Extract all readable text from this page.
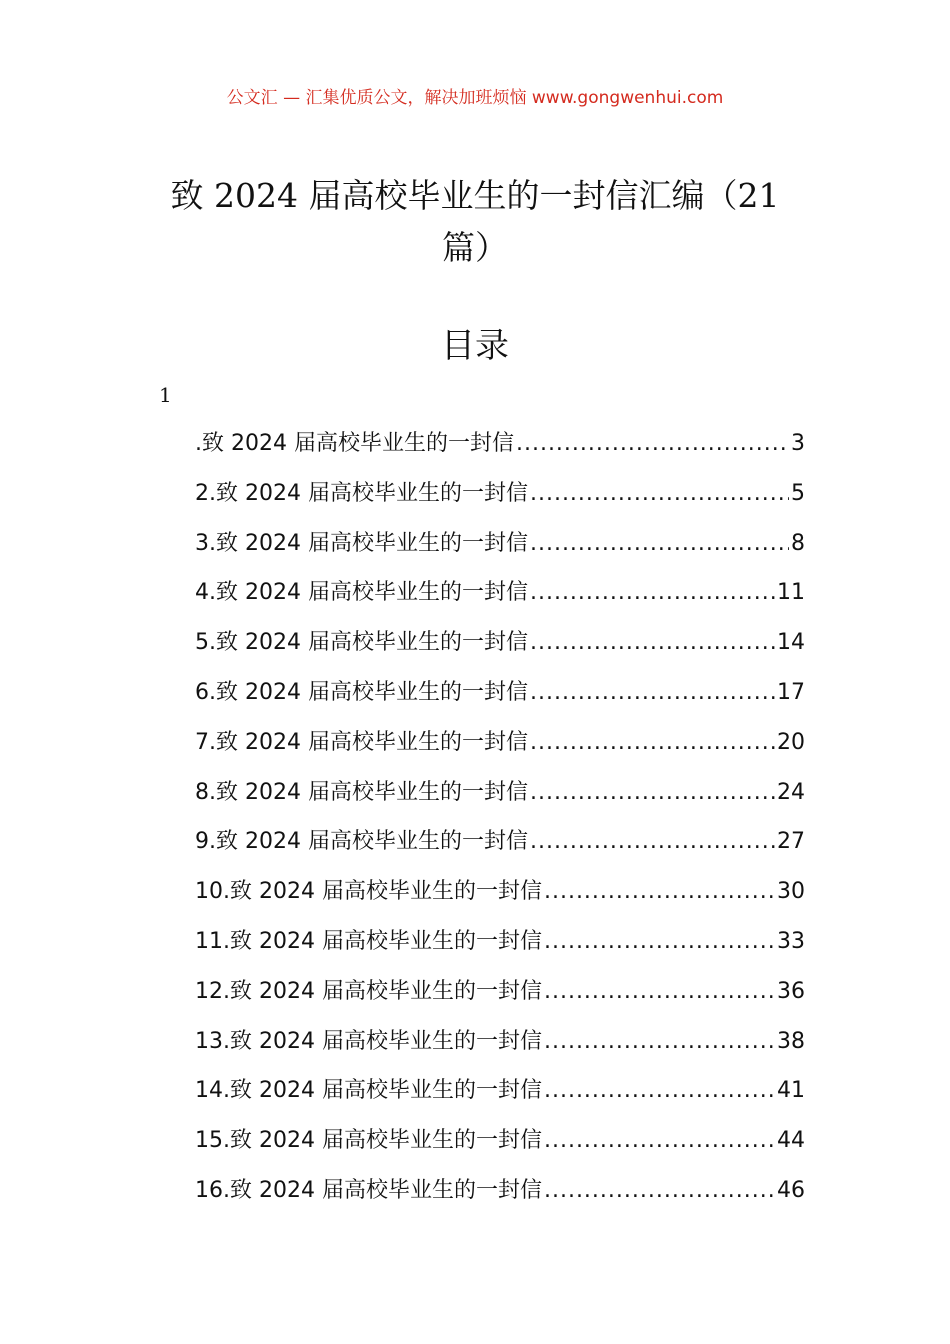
公文汇 — 汇集优质公文，解决加班烦恼 www.gongwenhui.com
致 2024 届高校毕业生的一封信汇编（21 篇）
目录
1
.致 2024 届高校毕业生的一封信 .....	3
2.致 2024 届高校毕业生的一封信 .....	5
3.致 2024 届高校毕业生的一封信 .....	8
4.致 2024 届高校毕业生的一封信 .....	11
5.致 2024 届高校毕业生的一封信 .....	14
6.致 2024 届高校毕业生的一封信 .....	17
7.致 2024 届高校毕业生的一封信 .....	20
8.致 2024 届高校毕业生的一封信 .....	24
9.致 2024 届高校毕业生的一封信 .....	27
10.致 2024 届高校毕业生的一封信 .....	30
11.致 2024 届高校毕业生的一封信 .....	33
12.致 2024 届高校毕业生的一封信 .....	36
13.致 2024 届高校毕业生的一封信 .....	38
14.致 2024 届高校毕业生的一封信 .....	41
15.致 2024 届高校毕业生的一封信 .....	44
16.致 2024 届高校毕业生的一封信 .....	46
